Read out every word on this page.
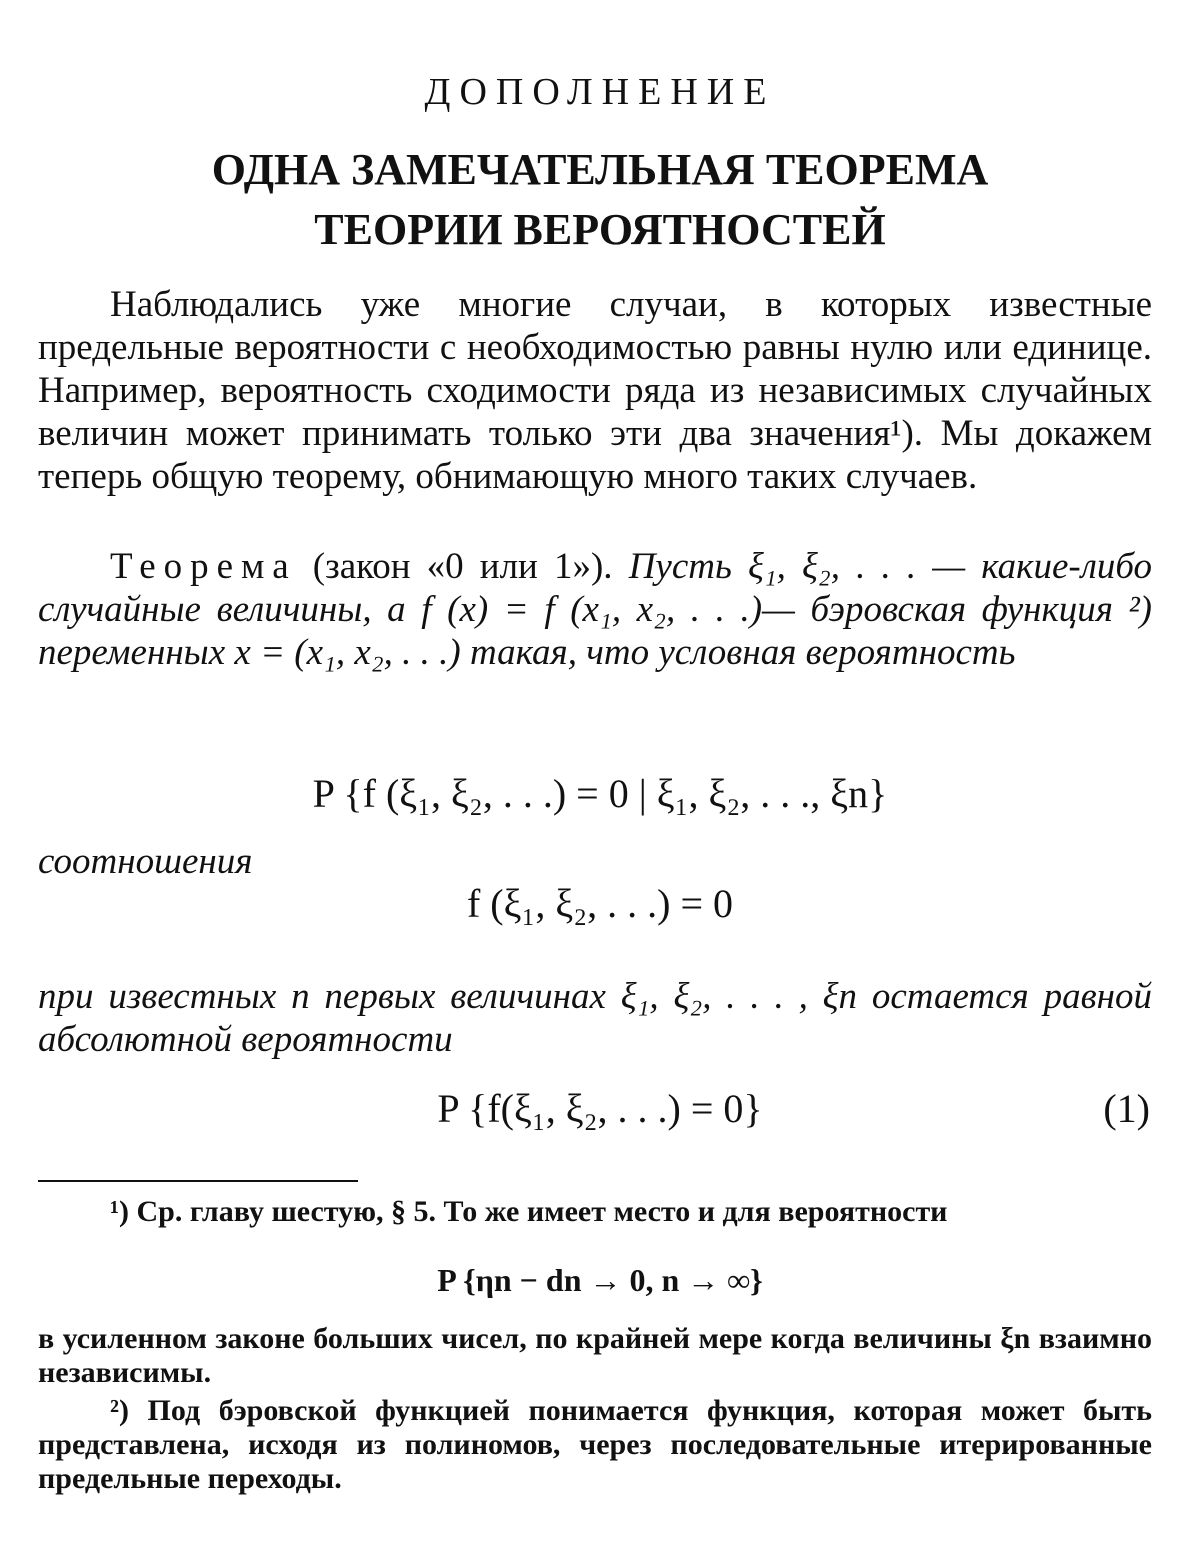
ДОПОЛНЕНИЕ
ОДНА ЗАМЕЧАТЕЛЬНАЯ ТЕОРЕМА
ТЕОРИИ ВЕРОЯТНОСТЕЙ
Наблюдались уже многие случаи, в которых известные предельные вероятности с необходимостью равны нулю или единице. Например, вероятность сходимости ряда из независимых случайных величин может принимать только эти два значения¹). Мы докажем теперь общую теорему, обнимающую много таких случаев.
Теорема (закон «0 или 1»). Пусть ξ₁, ξ₂, . . . — какие-либо случайные величины, а f (x) = f (x₁, x₂, . . .)— бэровская функция ²) переменных x = (x₁, x₂, . . .) такая, что условная вероятность
P {f (ξ₁, ξ₂, . . .) = 0 | ξ₁, ξ₂, . . ., ξn}
соотношения
f (ξ₁, ξ₂, . . .) = 0
при известных n первых величинах ξ₁, ξ₂, . . . , ξn остается равной абсолютной вероятности
P {f(ξ₁, ξ₂, . . .) = 0}	(1)
¹) Ср. главу шестую, § 5. То же имеет место и для вероятности
P {ηn − dn → 0, n → ∞}
в усиленном законе больших чисел, по крайней мере когда величины ξn взаимно независимы.
²) Под бэровской функцией понимается функция, которая может быть представлена, исходя из полиномов, через последовательные итерированные предельные переходы.
